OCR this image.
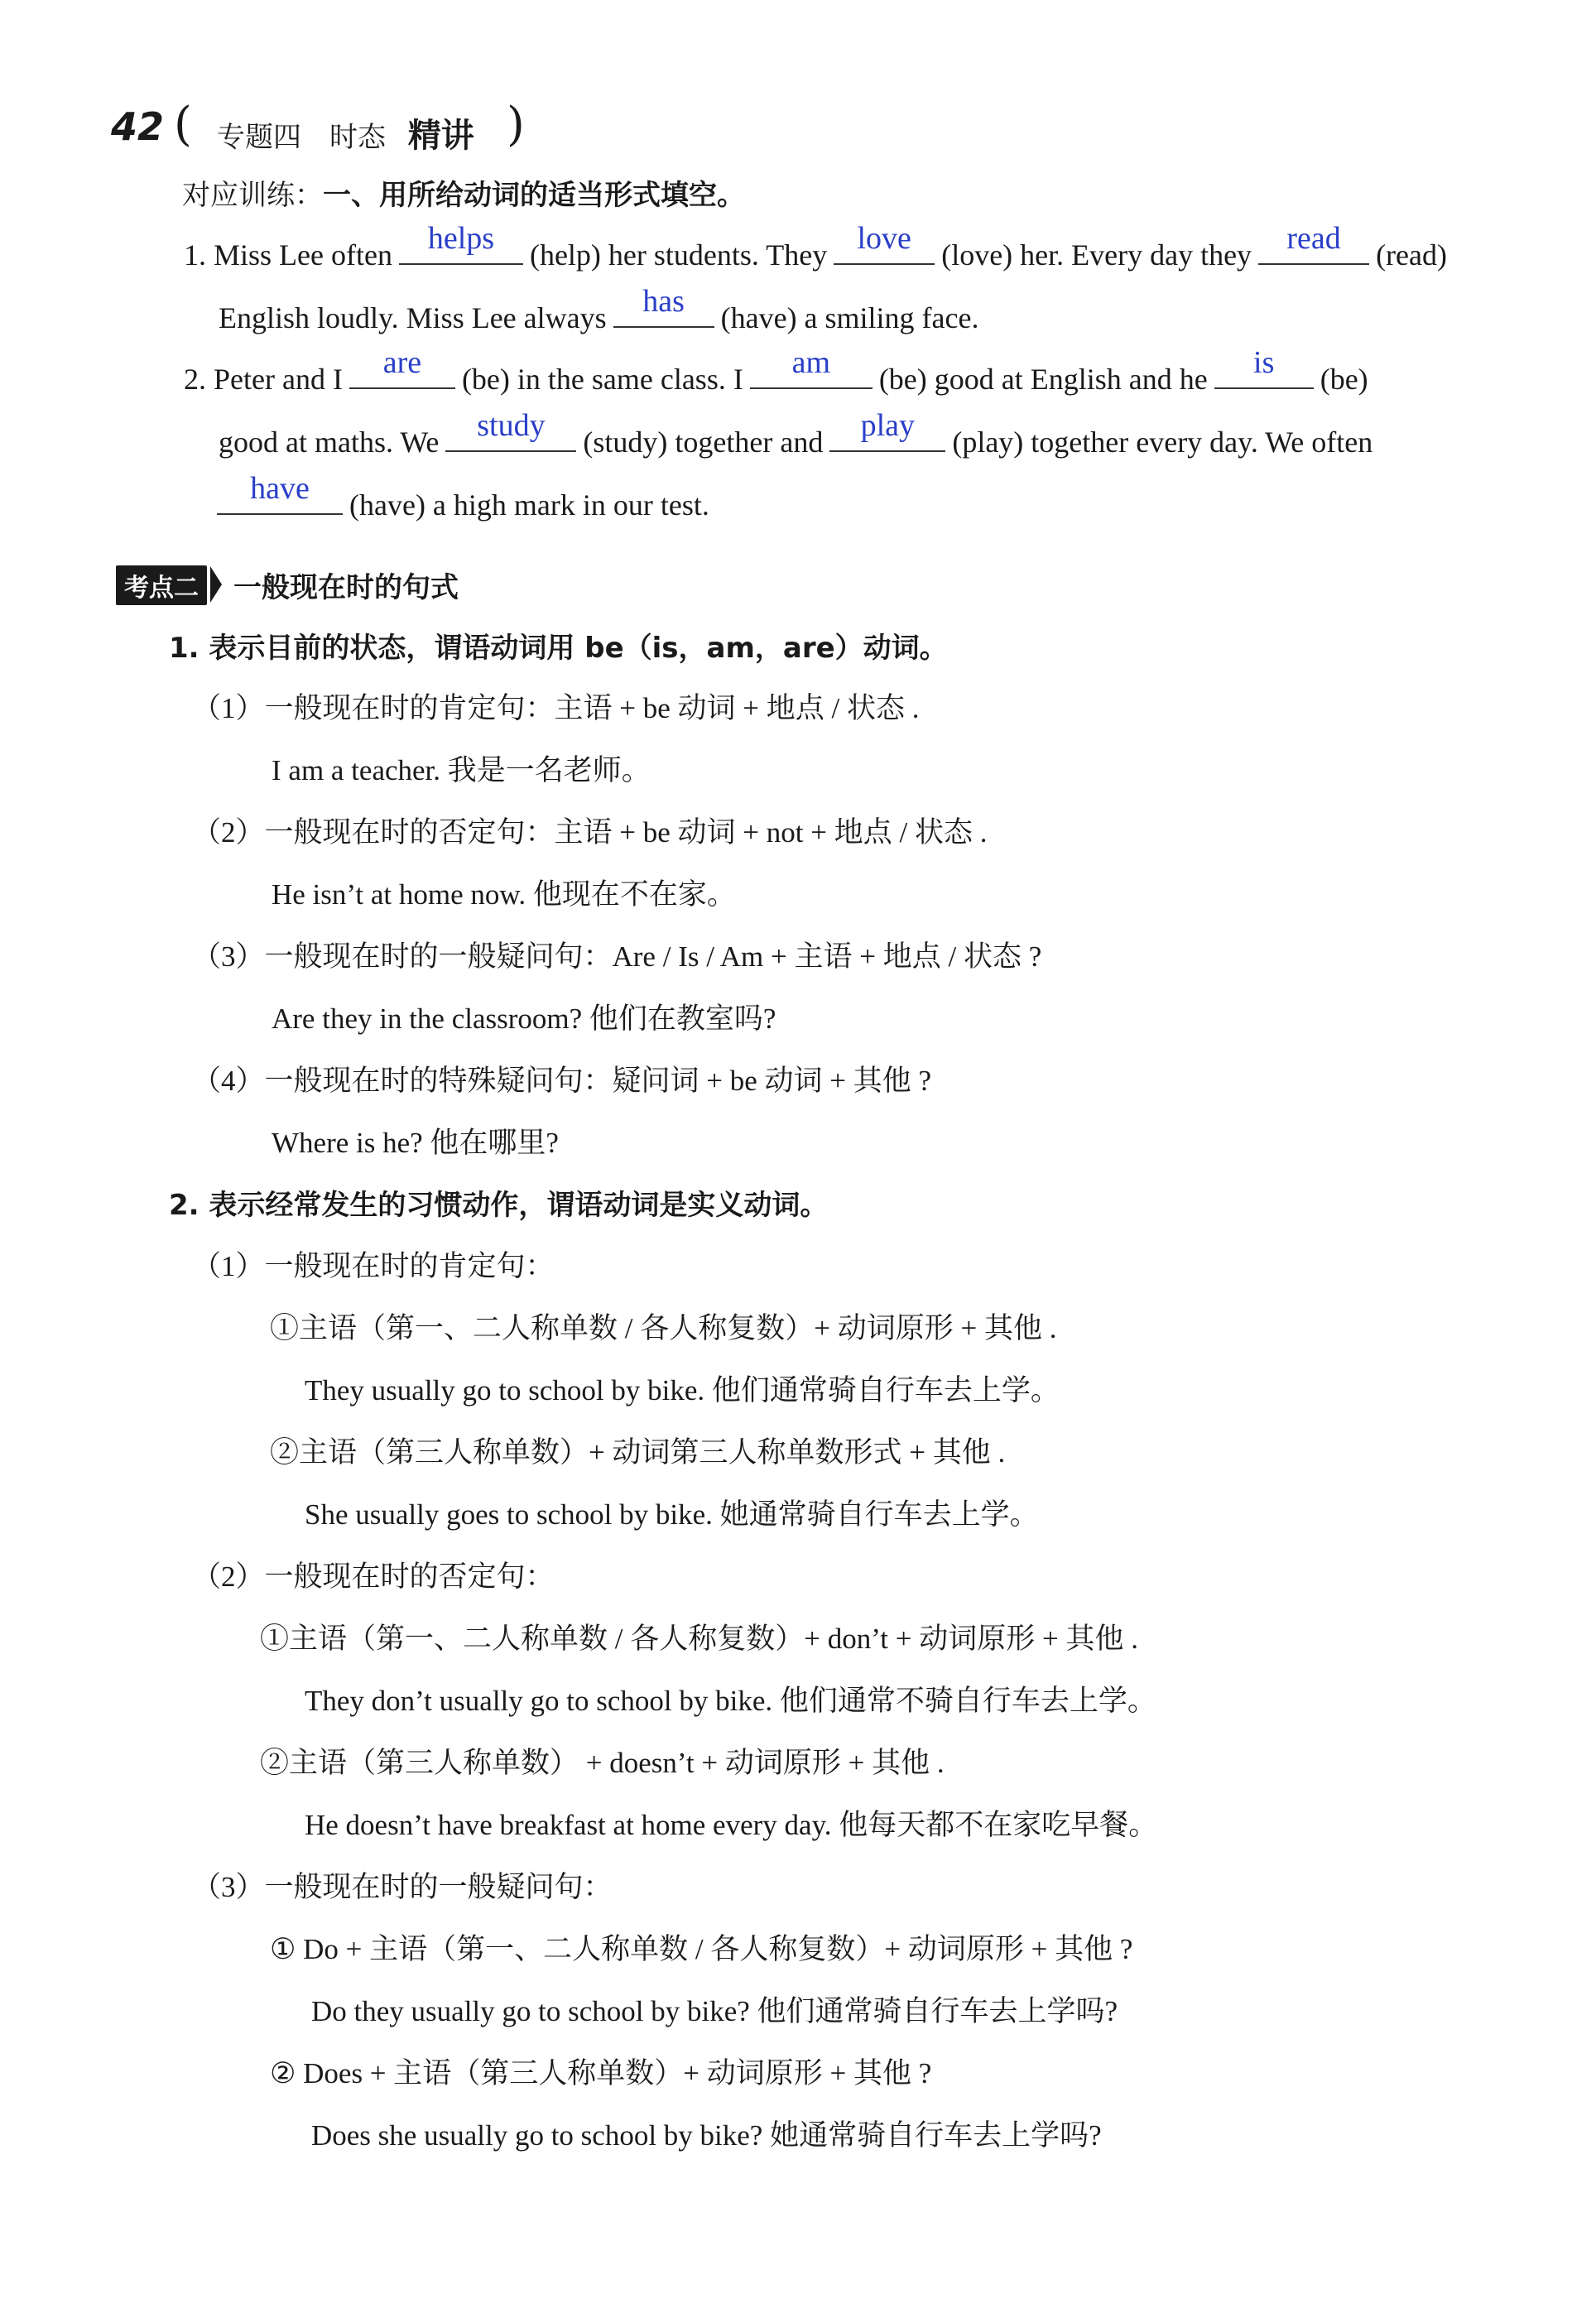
42 ( 专题四　时态 精讲 )
对应训练：一、用所给动词的适当形式填空。
1. Miss Lee often	helps	(help) her students. They love	(love) her. Every day they	read	(read)
English loudly. Miss Lee always	has	(have) a smiling face.
2. Peter and I	are	(be) in the same class. I	am	(be) good at English and he	is	(be)
good at maths. We	study	(study) together and	play	(play) together every day. We often
have	(have) a high mark in our test.
考点二 一般现在时的句式
1. 表示目前的状态，谓语动词用 be（is，am，are）动词。
（1）一般现在时的肯定句：主语 + be 动词 + 地点 / 状态 .
I am a teacher. 我是一名老师。
（2）一般现在时的否定句：主语 + be 动词 + not + 地点 / 状态 .
He isn’t at home now. 他现在不在家。
（3）一般现在时的一般疑问句：Are / Is / Am + 主语 + 地点 / 状态 ?
Are they in the classroom? 他们在教室吗?
（4）一般现在时的特殊疑问句：疑问词 + be 动词 + 其他 ?
Where is he? 他在哪里?
2. 表示经常发生的习惯动作，谓语动词是实义动词。
（1）一般现在时的肯定句：
①主语（第一、二人称单数 / 各人称复数）+ 动词原形 + 其他 .
They usually go to school by bike. 他们通常骑自行车去上学。
②主语（第三人称单数）+ 动词第三人称单数形式 + 其他 .
She usually goes to school by bike. 她通常骑自行车去上学。
（2）一般现在时的否定句：
①主语（第一、二人称单数 / 各人称复数）+ don’t + 动词原形 + 其他 .
They don’t usually go to school by bike. 他们通常不骑自行车去上学。
②主语（第三人称单数） + doesn’t + 动词原形 + 其他 .
He doesn’t have breakfast at home every day. 他每天都不在家吃早餐。
（3）一般现在时的一般疑问句：
① Do + 主语（第一、二人称单数 / 各人称复数）+ 动词原形 + 其他 ?
Do they usually go to school by bike? 他们通常骑自行车去上学吗?
② Does + 主语（第三人称单数）+ 动词原形 + 其他 ?
Does she usually go to school by bike? 她通常骑自行车去上学吗?
